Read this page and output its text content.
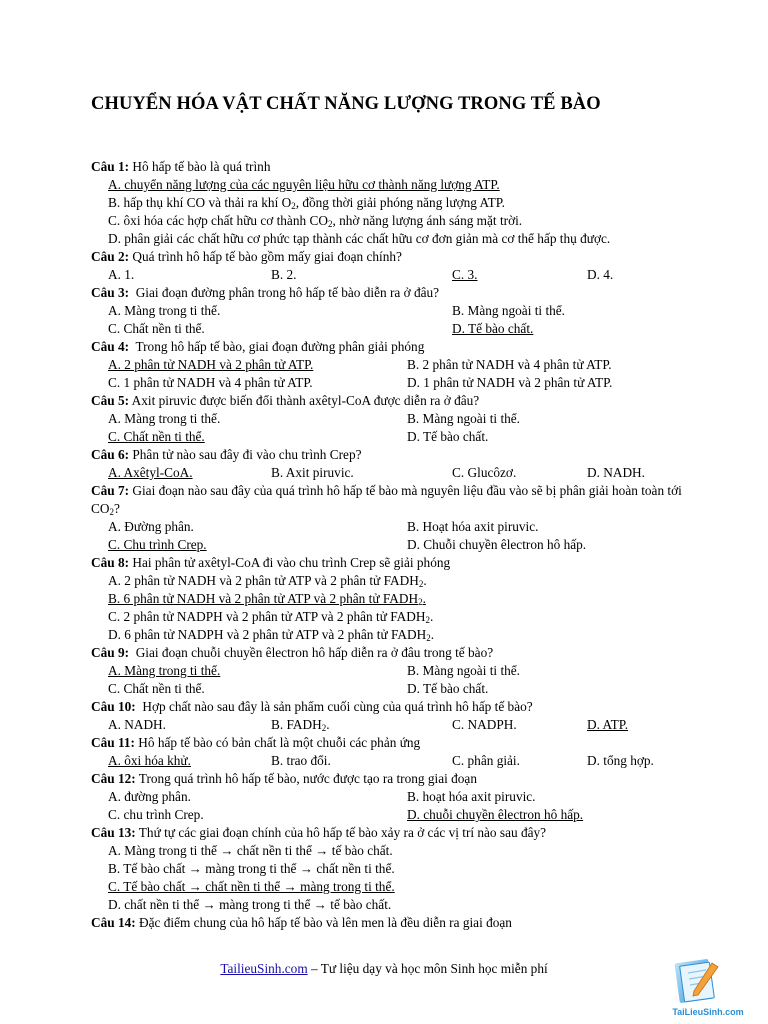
CHUYỂN HÓA VẬT CHẤT NĂNG LƯỢNG TRONG TẾ BÀO
Câu 1: Hô hấp tế bào là quá trình
A. chuyển năng lượng của các nguyên liệu hữu cơ thành năng lượng ATP.
B. hấp thụ khí CO và thải ra khí $O_2$, đồng thời giải phóng năng lượng ATP.
C. ôxi hóa các hợp chất hữu cơ thành $CO_2$, nhờ năng lượng ánh sáng mặt trời.
D. phân giải các chất hữu cơ phức tạp thành các chất hữu cơ đơn giản mà cơ thể hấp thụ được.
Câu 2: Quá trình hô hấp tế bào gồm mấy giai đoạn chính?
A. 1.	B. 2.	C. 3.	D. 4.
Câu 3: Giai đoạn đường phân trong hô hấp tế bào diễn ra ở đâu?
A. Màng trong ti thể.	B. Màng ngoài ti thể.
C. Chất nền ti thể.	D. Tế bào chất.
Câu 4: Trong hô hấp tế bào, giai đoạn đường phân giải phóng
A. 2 phân tử NADH và 2 phân tử ATP.	B. 2 phân tử NADH và 4 phân tử ATP.
C. 1 phân tử NADH và 4 phân tử ATP.	D. 1 phân tử NADH và 2 phân tử ATP.
Câu 5: Axit piruvic được biến đổi thành axêtyl-CoA được diễn ra ở đâu?
A. Màng trong ti thể.	B. Màng ngoài ti thể.
C. Chất nền ti thể.	D. Tế bào chất.
Câu 6: Phân tử nào sau đây đi vào chu trình Crep?
A. Axêtyl-CoA.	B. Axit piruvic.	C. Glucôzơ.	D. NADH.
Câu 7: Giai đoạn nào sau đây của quá trình hô hấp tế bào mà nguyên liệu đầu vào sẽ bị phân giải hoàn toàn tới $CO_2$?
A. Đường phân.	B. Hoạt hóa axit piruvic.
C. Chu trình Crep.	D. Chuỗi chuyền êlectron hô hấp.
Câu 8: Hai phân tử axêtyl-CoA đi vào chu trình Crep sẽ giải phóng
A. 2 phân tử NADH và 2 phân tử ATP và 2 phân tử $FADH_2$.
B. 6 phân tử NADH và 2 phân tử ATP và 2 phân tử $FADH_2$.
C. 2 phân tử NADPH và 2 phân tử ATP và 2 phân tử $FADH_2$.
D. 6 phân tử NADPH và 2 phân tử ATP và 2 phân tử $FADH_2$.
Câu 9: Giai đoạn chuỗi chuyền êlectron hô hấp diễn ra ở đâu trong tế bào?
A. Màng trong ti thể.	B. Màng ngoài ti thể.
C. Chất nền ti thể.	D. Tế bào chất.
Câu 10: Hợp chất nào sau đây là sản phẩm cuối cùng của quá trình hô hấp tế bào?
A. NADH.	B. $FADH_2$.	C. NADPH.	D. ATP.
Câu 11: Hô hấp tế bào có bản chất là một chuỗi các phản ứng
A. ôxi hóa khử.	B. trao đổi.	C. phân giải.	D. tổng hợp.
Câu 12: Trong quá trình hô hấp tế bào, nước được tạo ra trong giai đoạn
A. đường phân.	B. hoạt hóa axit piruvic.
C. chu trình Crep.	D. chuỗi chuyền êlectron hô hấp.
Câu 13: Thứ tự các giai đoạn chính của hô hấp tế bào xảy ra ở các vị trí nào sau đây?
A. Màng trong ti thể → chất nền ti thể → tế bào chất.
B. Tế bào chất → màng trong ti thể → chất nền ti thể.
C. Tế bào chất → chất nền ti thể → màng trong ti thể.
D. chất nền ti thể → màng trong ti thể → tế bào chất.
Câu 14: Đặc điểm chung của hô hấp tế bào và lên men là đều diễn ra giai đoạn
TailieuSinh.com – Tư liệu dạy và học môn Sinh học miễn phí
TaiLieuSinh.com
